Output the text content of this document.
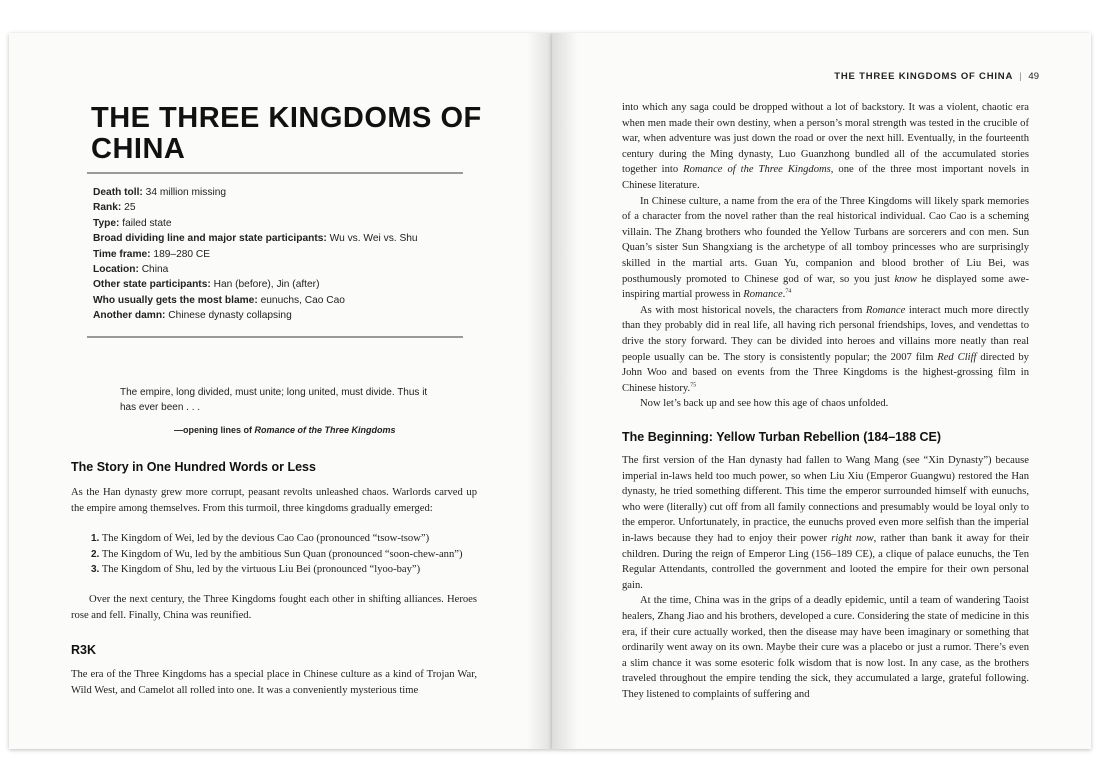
THE THREE KINGDOMS OF CHINA
Death toll: 34 million missing
Rank: 25
Type: failed state
Broad dividing line and major state participants: Wu vs. Wei vs. Shu
Time frame: 189–280 CE
Location: China
Other state participants: Han (before), Jin (after)
Who usually gets the most blame: eunuchs, Cao Cao
Another damn: Chinese dynasty collapsing
The empire, long divided, must unite; long united, must divide. Thus it has ever been . . .
—opening lines of Romance of the Three Kingdoms
The Story in One Hundred Words or Less

As the Han dynasty grew more corrupt, peasant revolts unleashed chaos. Warlords carved up the empire among themselves. From this turmoil, three kingdoms gradually emerged:

1. The Kingdom of Wei, led by the devious Cao Cao (pronounced “tsow-tsow”)
2. The Kingdom of Wu, led by the ambitious Sun Quan (pronounced “soon-chew-ann”)
3. The Kingdom of Shu, led by the virtuous Liu Bei (pronounced “lyoo-bay”)

Over the next century, the Three Kingdoms fought each other in shifting alliances. Heroes rose and fell. Finally, China was reunified.

R3K

The era of the Three Kingdoms has a special place in Chinese culture as a kind of Trojan War, Wild West, and Camelot all rolled into one. It was a conveniently mysterious time

THE THREE KINGDOMS OF CHINA | 49

into which any saga could be dropped without a lot of backstory. It was a violent, chaotic era when men made their own destiny, when a person’s moral strength was tested in the crucible of war, when adventure was just down the road or over the next hill. Eventually, in the fourteenth century during the Ming dynasty, Luo Guanzhong bundled all of the accumulated stories together into Romance of the Three Kingdoms, one of the three most important novels in Chinese literature.

In Chinese culture, a name from the era of the Three Kingdoms will likely spark memories of a character from the novel rather than the real historical individual. Cao Cao is a scheming villain. The Zhang brothers who founded the Yellow Turbans are sorcerers and con men. Sun Quan’s sister Sun Shangxiang is the archetype of all tomboy princesses who are surprisingly skilled in the martial arts. Guan Yu, companion and blood brother of Liu Bei, was posthumously promoted to Chinese god of war, so you just know he displayed some awe-inspiring martial prowess in Romance.$^{74}$

As with most historical novels, the characters from Romance interact much more directly than they probably did in real life, all having rich personal friendships, loves, and vendettas to drive the story forward. They can be divided into heroes and villains more neatly than real people usually can be. The story is consistently popular; the 2007 film Red Cliff directed by John Woo and based on events from the Three Kingdoms is the highest-grossing film in Chinese history.$^{75}$

Now let’s back up and see how this age of chaos unfolded.

The Beginning: Yellow Turban Rebellion (184–188 CE)

The first version of the Han dynasty had fallen to Wang Mang (see “Xin Dynasty”) because imperial in-laws held too much power, so when Liu Xiu (Emperor Guangwu) restored the Han dynasty, he tried something different. This time the emperor surrounded himself with eunuchs, who were (literally) cut off from all family connections and presumably would be loyal only to the emperor. Unfortunately, in practice, the eunuchs proved even more selfish than the imperial in-laws because they had to enjoy their power right now, rather than bank it away for their children. During the reign of Emperor Ling (156–189 CE), a clique of palace eunuchs, the Ten Regular Attendants, controlled the government and looted the empire for their own personal gain.

At the time, China was in the grips of a deadly epidemic, until a team of wandering Taoist healers, Zhang Jiao and his brothers, developed a cure. Considering the state of medicine in this era, if their cure actually worked, then the disease may have been imaginary or something that ordinarily went away on its own. Maybe their cure was a placebo or just a rumor. There’s even a slim chance it was some esoteric folk wisdom that is now lost. In any case, as the brothers traveled throughout the empire tending the sick, they accumulated a large, grateful following. They listened to complaints of suffering and
